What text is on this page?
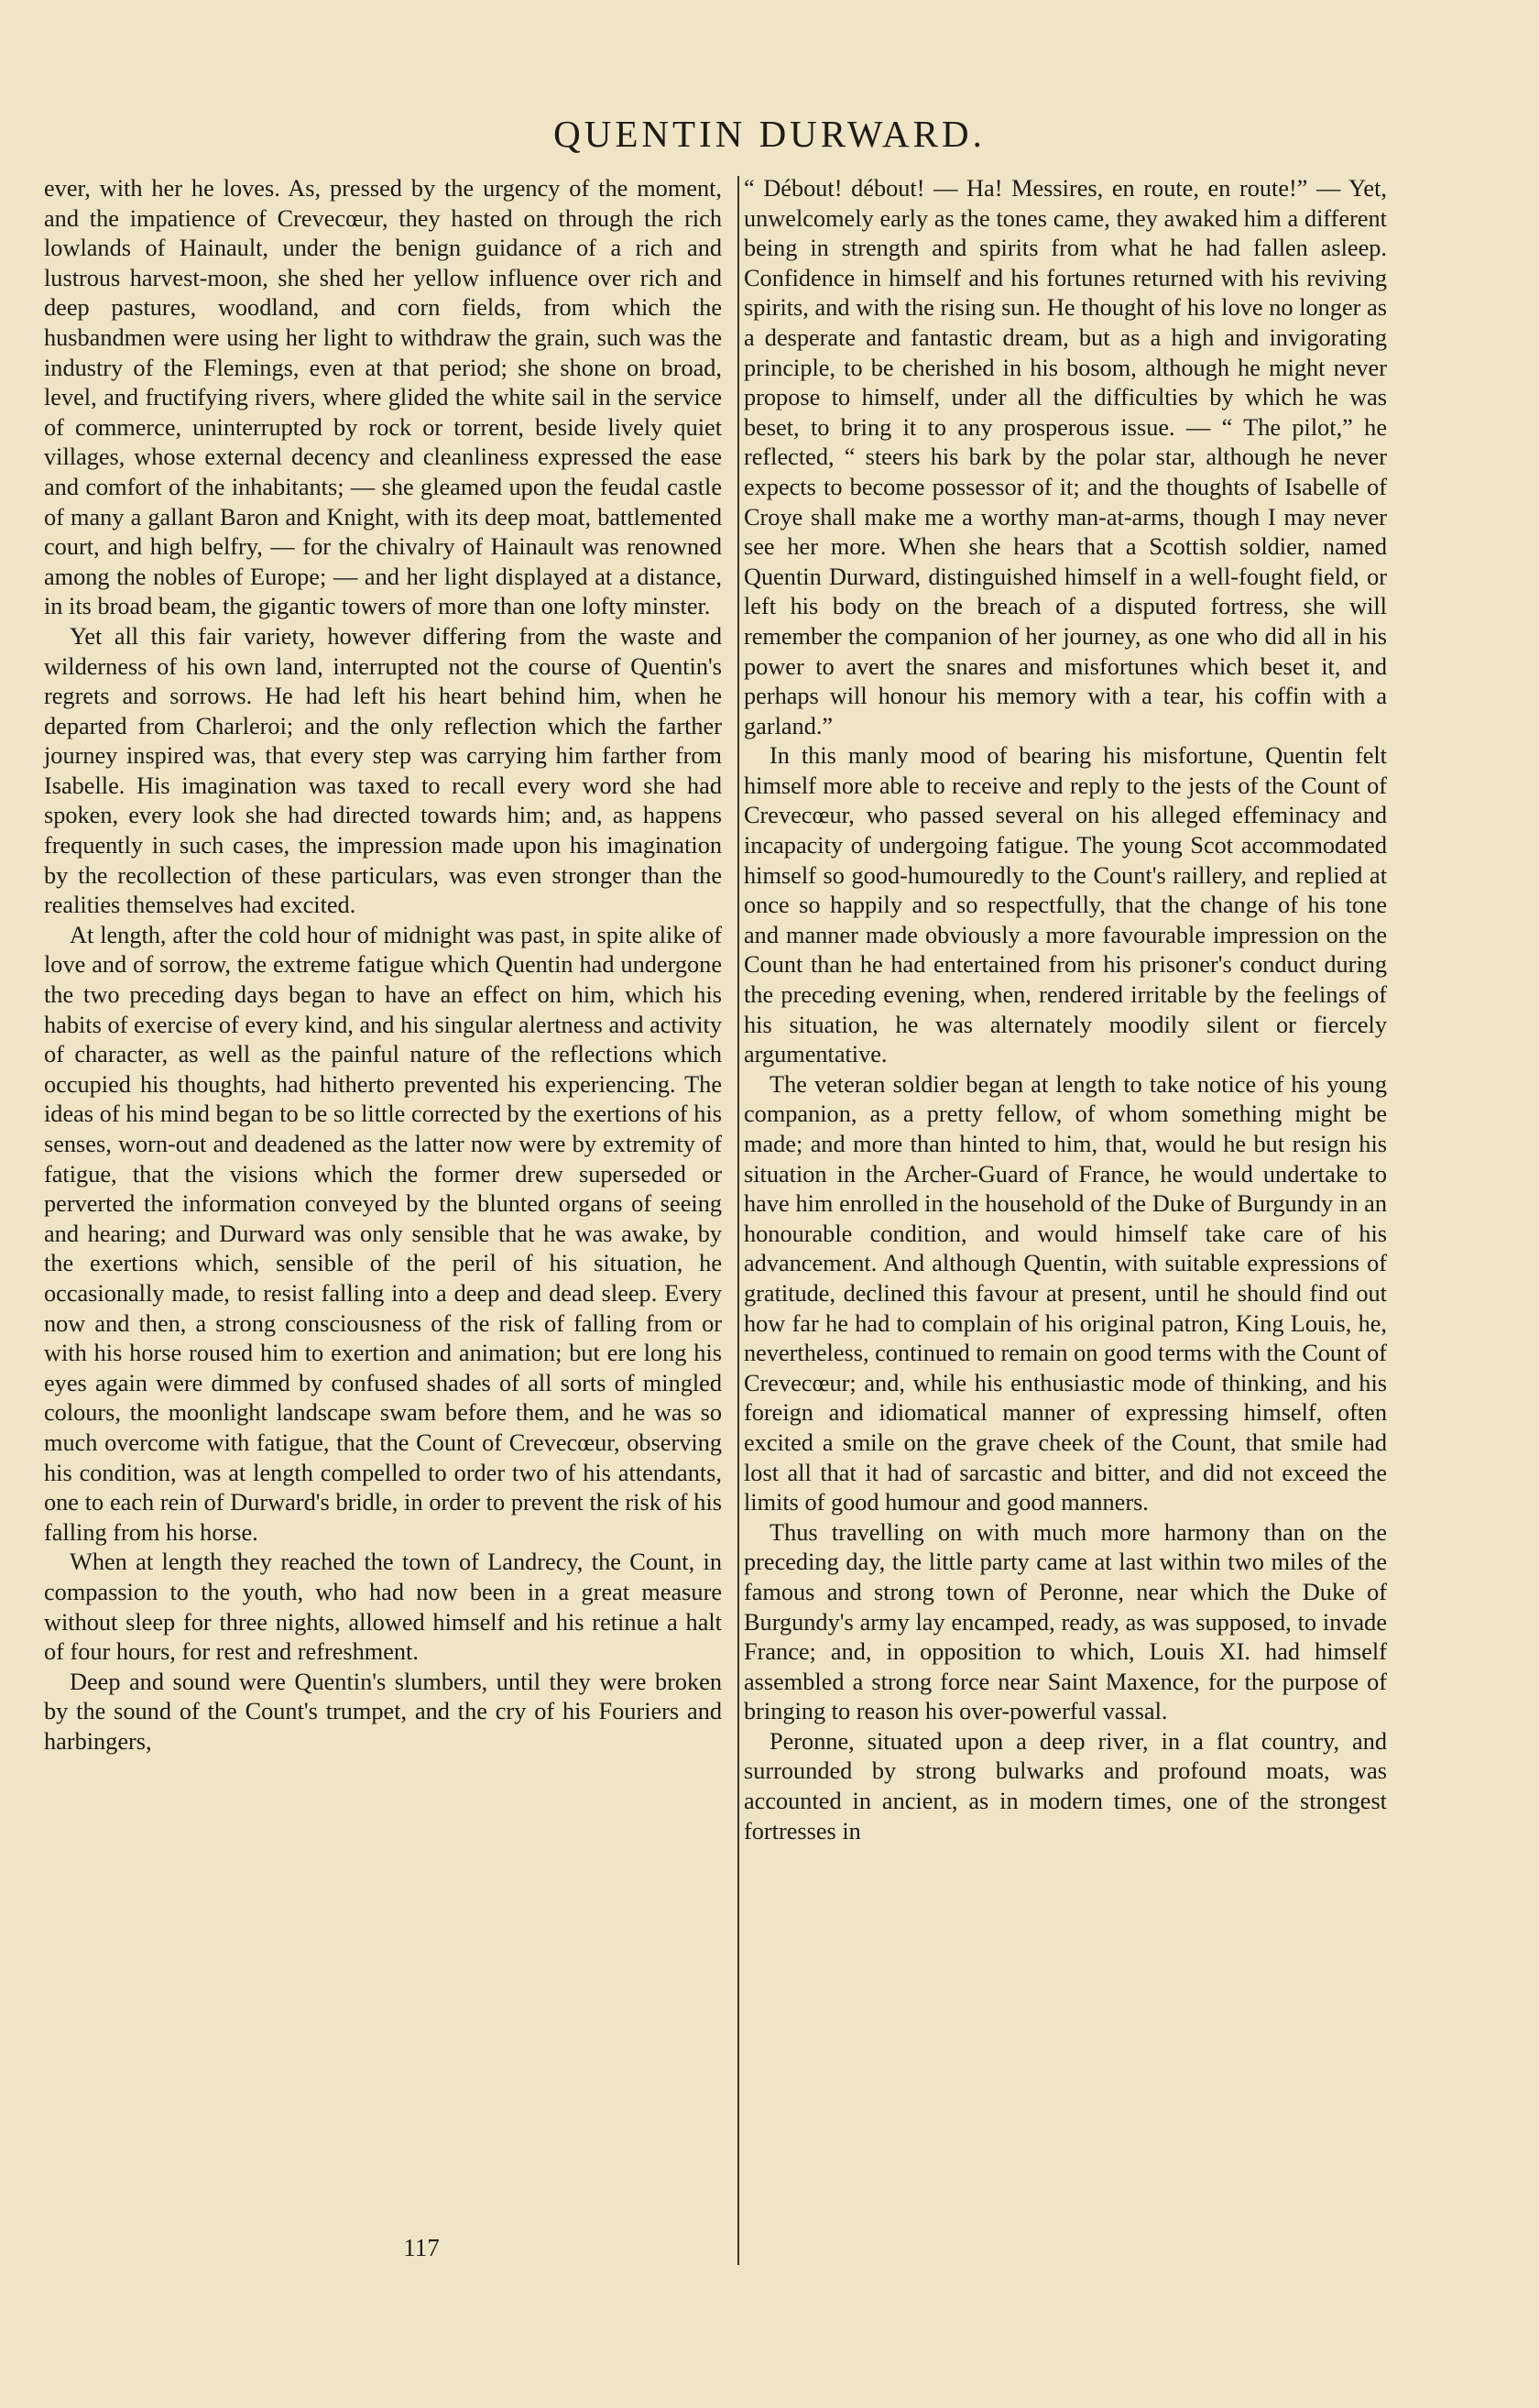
QUENTIN DURWARD.

ever, with her he loves. As, pressed by the urgency of the moment, and the impatience of Crevecœur, they hasted on through the rich lowlands of Hainault, under the benign guidance of a rich and lustrous harvest-moon, she shed her yellow influence over rich and deep pastures, woodland, and corn fields, from which the husbandmen were using her light to withdraw the grain, such was the industry of the Flemings, even at that period; she shone on broad, level, and fructifying rivers, where glided the white sail in the service of commerce, uninterrupted by rock or torrent, beside lively quiet villages, whose external decency and cleanliness expressed the ease and comfort of the inhabitants; — she gleamed upon the feudal castle of many a gallant Baron and Knight, with its deep moat, battlemented court, and high belfry, — for the chivalry of Hainault was renowned among the nobles of Europe; — and her light displayed at a distance, in its broad beam, the gigantic towers of more than one lofty minster.

Yet all this fair variety, however differing from the waste and wilderness of his own land, interrupted not the course of Quentin's regrets and sorrows. He had left his heart behind him, when he departed from Charleroi; and the only reflection which the farther journey inspired was, that every step was carrying him farther from Isabelle. His imagination was taxed to recall every word she had spoken, every look she had directed towards him; and, as happens frequently in such cases, the impression made upon his imagination by the recollection of these particulars, was even stronger than the realities themselves had excited.

At length, after the cold hour of midnight was past, in spite alike of love and of sorrow, the extreme fatigue which Quentin had undergone the two preceding days began to have an effect on him, which his habits of exercise of every kind, and his singular alertness and activity of character, as well as the painful nature of the reflections which occupied his thoughts, had hitherto prevented his experiencing. The ideas of his mind began to be so little corrected by the exertions of his senses, worn-out and deadened as the latter now were by extremity of fatigue, that the visions which the former drew superseded or perverted the information conveyed by the blunted organs of seeing and hearing; and Durward was only sensible that he was awake, by the exertions which, sensible of the peril of his situation, he occasionally made, to resist falling into a deep and dead sleep. Every now and then, a strong consciousness of the risk of falling from or with his horse roused him to exertion and animation; but ere long his eyes again were dimmed by confused shades of all sorts of mingled colours, the moonlight landscape swam before them, and he was so much overcome with fatigue, that the Count of Crevecœur, observing his condition, was at length compelled to order two of his attendants, one to each rein of Durward's bridle, in order to prevent the risk of his falling from his horse.

When at length they reached the town of Landrecy, the Count, in compassion to the youth, who had now been in a great measure without sleep for three nights, allowed himself and his retinue a halt of four hours, for rest and refreshment.

Deep and sound were Quentin's slumbers, until they were broken by the sound of the Count's trumpet, and the cry of his Fouriers and harbingers,

“ Débout! débout! — Ha! Messires, en route, en route!” — Yet, unwelcomely early as the tones came, they awaked him a different being in strength and spirits from what he had fallen asleep. Confidence in himself and his fortunes returned with his reviving spirits, and with the rising sun. He thought of his love no longer as a desperate and fantastic dream, but as a high and invigorating principle, to be cherished in his bosom, although he might never propose to himself, under all the difficulties by which he was beset, to bring it to any prosperous issue. — “ The pilot,” he reflected, “ steers his bark by the polar star, although he never expects to become possessor of it; and the thoughts of Isabelle of Croye shall make me a worthy man-at-arms, though I may never see her more. When she hears that a Scottish soldier, named Quentin Durward, distinguished himself in a well-fought field, or left his body on the breach of a disputed fortress, she will remember the companion of her journey, as one who did all in his power to avert the snares and misfortunes which beset it, and perhaps will honour his memory with a tear, his coffin with a garland.”

In this manly mood of bearing his misfortune, Quentin felt himself more able to receive and reply to the jests of the Count of Crevecœur, who passed several on his alleged effeminacy and incapacity of undergoing fatigue. The young Scot accommodated himself so good-humouredly to the Count's raillery, and replied at once so happily and so respectfully, that the change of his tone and manner made obviously a more favourable impression on the Count than he had entertained from his prisoner's conduct during the preceding evening, when, rendered irritable by the feelings of his situation, he was alternately moodily silent or fiercely argumentative.

The veteran soldier began at length to take notice of his young companion, as a pretty fellow, of whom something might be made; and more than hinted to him, that, would he but resign his situation in the Archer-Guard of France, he would undertake to have him enrolled in the household of the Duke of Burgundy in an honourable condition, and would himself take care of his advancement. And although Quentin, with suitable expressions of gratitude, declined this favour at present, until he should find out how far he had to complain of his original patron, King Louis, he, nevertheless, continued to remain on good terms with the Count of Crevecœur; and, while his enthusiastic mode of thinking, and his foreign and idiomatical manner of expressing himself, often excited a smile on the grave cheek of the Count, that smile had lost all that it had of sarcastic and bitter, and did not exceed the limits of good humour and good manners.

Thus travelling on with much more harmony than on the preceding day, the little party came at last within two miles of the famous and strong town of Peronne, near which the Duke of Burgundy's army lay encamped, ready, as was supposed, to invade France; and, in opposition to which, Louis XI. had himself assembled a strong force near Saint Maxence, for the purpose of bringing to reason his over-powerful vassal.

Peronne, situated upon a deep river, in a flat country, and surrounded by strong bulwarks and profound moats, was accounted in ancient, as in modern times, one of the strongest fortresses in

117
